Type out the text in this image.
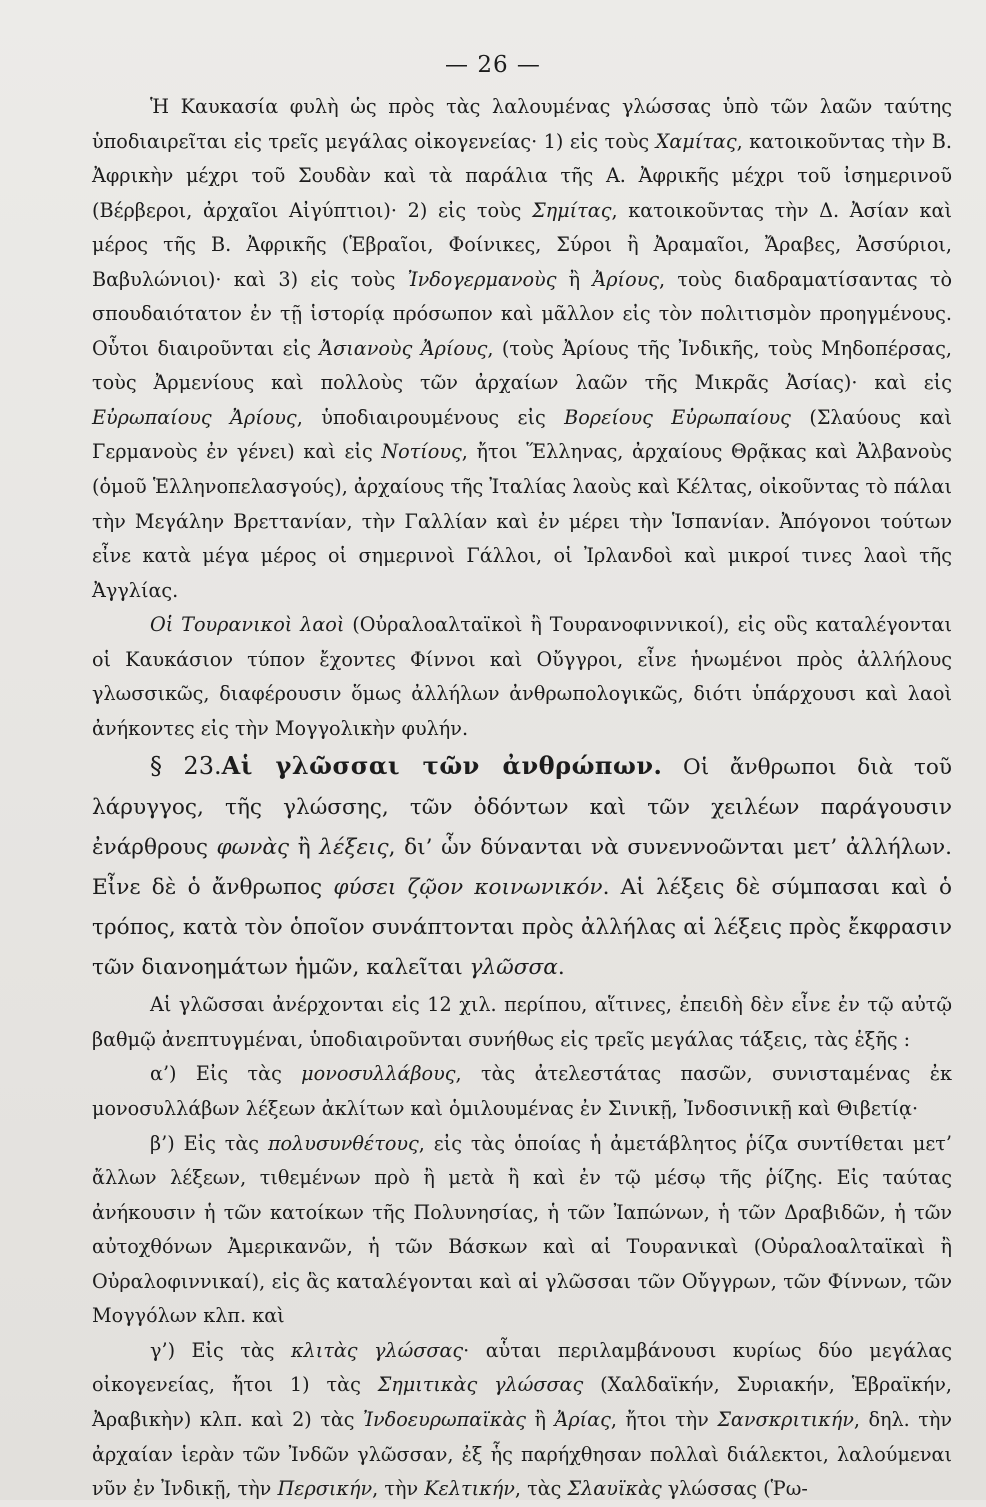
— 26 —

Ἡ Καυκασία φυλὴ ὡς πρὸς τὰς λαλουμένας γλώσσας ὑπὸ τῶν λαῶν ταύτης ὑποδιαιρεῖται εἰς τρεῖς μεγάλας οἰκογενείας· 1) εἰς τοὺς Χαμίτας, κατοικοῦντας τὴν Β. Ἀφρικὴν μέχρι τοῦ Σουδὰν καὶ τὰ παράλια τῆς Α. Ἀφρικῆς μέχρι τοῦ ἰσημερινοῦ (Βέρβεροι, ἀρχαῖοι Αἰγύπτιοι)· 2) εἰς τοὺς Σημίτας, κατοικοῦντας τὴν Δ. Ἀσίαν καὶ μέρος τῆς Β. Ἀφρικῆς (Ἑβραῖοι, Φοίνικες, Σύροι ἢ Ἀραμαῖοι, Ἄραβες, Ἀσσύριοι, Βαβυλώνιοι)· καὶ 3) εἰς τοὺς Ἰνδογερμανοὺς ἢ Ἀρίους, τοὺς διαδραματίσαντας τὸ σπουδαιότατον ἐν τῇ ἱστορίᾳ πρόσωπον καὶ μᾶλλον εἰς τὸν πολιτισμὸν προηγμένους. Οὗτοι διαιροῦνται εἰς Ἀσιανοὺς Ἀρίους, (τοὺς Ἀρίους τῆς Ἰνδικῆς, τοὺς Μηδοπέρσας, τοὺς Ἀρμενίους καὶ πολλοὺς τῶν ἀρχαίων λαῶν τῆς Μικρᾶς Ἀσίας)· καὶ εἰς Εὐρωπαίους Ἀρίους, ὑποδιαιρουμένους εἰς Βορείους Εὐρωπαίους (Σλαύους καὶ Γερμανοὺς ἐν γένει) καὶ εἰς Νοτίους, ἤτοι Ἕλληνας, ἀρχαίους Θρᾷκας καὶ Ἀλβανοὺς (ὁμοῦ Ἑλληνοπελασγούς), ἀρχαίους τῆς Ἰταλίας λαοὺς καὶ Κέλτας, οἰκοῦντας τὸ πάλαι τὴν Μεγάλην Βρεττανίαν, τὴν Γαλλίαν καὶ ἐν μέρει τὴν Ἱσπανίαν. Ἀπόγονοι τούτων εἶνε κατὰ μέγα μέρος οἱ σημερινοὶ Γάλλοι, οἱ Ἰρλανδοὶ καὶ μικροί τινες λαοὶ τῆς Ἀγγλίας.

Οἱ Τουρανικοὶ λαοὶ (Οὐραλοαλταϊκοὶ ἢ Τουρανοφιννικοί), εἰς οὓς καταλέγονται οἱ Καυκάσιον τύπον ἔχοντες Φίννοι καὶ Οὔγγροι, εἶνε ἡνωμένοι πρὸς ἀλλήλους γλωσσικῶς, διαφέρουσιν ὅμως ἀλλήλων ἀνθρωπολογικῶς, διότι ὑπάρχουσι καὶ λαοὶ ἀνήκοντες εἰς τὴν Μογγολικὴν φυλήν.

§ 23.Αἱ γλῶσσαι τῶν ἀνθρώπων. Οἱ ἄνθρωποι διὰ τοῦ λάρυγγος, τῆς γλώσσης, τῶν ὀδόντων καὶ τῶν χειλέων παράγουσιν ἐνάρθρους φωνὰς ἢ λέξεις, δι’ ὧν δύνανται νὰ συνεννοῶνται μετ’ ἀλλήλων. Εἶνε δὲ ὁ ἄνθρωπος φύσει ζῷον κοινωνικόν. Αἱ λέξεις δὲ σύμπασαι καὶ ὁ τρόπος, κατὰ τὸν ὁποῖον συνάπτονται πρὸς ἀλλήλας αἱ λέξεις πρὸς ἔκφρασιν τῶν διανοημάτων ἡμῶν, καλεῖται γλῶσσα.

Αἱ γλῶσσαι ἀνέρχονται εἰς 12 χιλ. περίπου, αἵτινες, ἐπειδὴ δὲν εἶνε ἐν τῷ αὐτῷ βαθμῷ ἀνεπτυγμέναι, ὑποδιαιροῦνται συνήθως εἰς τρεῖς μεγάλας τάξεις, τὰς ἑξῆς :

α’) Εἰς τὰς μονοσυλλάβους, τὰς ἀτελεστάτας πασῶν, συνισταμένας ἐκ μονοσυλλάβων λέξεων ἀκλίτων καὶ ὁμιλουμένας ἐν Σινικῇ, Ἰνδοσινικῇ καὶ Θιβετίᾳ·

β’) Εἰς τὰς πολυσυνθέτους, εἰς τὰς ὁποίας ἡ ἀμετάβλητος ῥίζα συντίθεται μετ’ ἄλλων λέξεων, τιθεμένων πρὸ ἢ μετὰ ἢ καὶ ἐν τῷ μέσῳ τῆς ῥίζης. Εἰς ταύτας ἀνήκουσιν ἡ τῶν κατοίκων τῆς Πολυνησίας, ἡ τῶν Ἰαπώνων, ἡ τῶν Δραβιδῶν, ἡ τῶν αὐτοχθόνων Ἀμερικανῶν, ἡ τῶν Βάσκων καὶ αἱ Τουρανικαὶ (Οὐραλοαλταϊκαὶ ἢ Οὐραλοφιννικαί), εἰς ἃς καταλέγονται καὶ αἱ γλῶσσαι τῶν Οὔγγρων, τῶν Φίννων, τῶν Μογγόλων κλπ. καὶ

γ’) Εἰς τὰς κλιτὰς γλώσσας· αὗται περιλαμβάνουσι κυρίως δύο μεγάλας οἰκογενείας, ἤτοι 1) τὰς Σημιτικὰς γλώσσας (Χαλδαϊκήν, Συριακήν, Ἑβραϊκήν, Ἀραβικὴν) κλπ. καὶ 2) τὰς Ἰνδοευρωπαϊκὰς ἢ Ἀρίας, ἤτοι τὴν Σανσκριτικήν, δηλ. τὴν ἀρχαίαν ἱερὰν τῶν Ἰνδῶν γλῶσσαν, ἐξ ἧς παρήχθησαν πολλαὶ διάλεκτοι, λαλούμεναι νῦν ἐν Ἰνδικῇ, τὴν Περσικήν, τὴν Κελτικήν, τὰς Σλαυϊκὰς γλώσσας (Ῥω-
